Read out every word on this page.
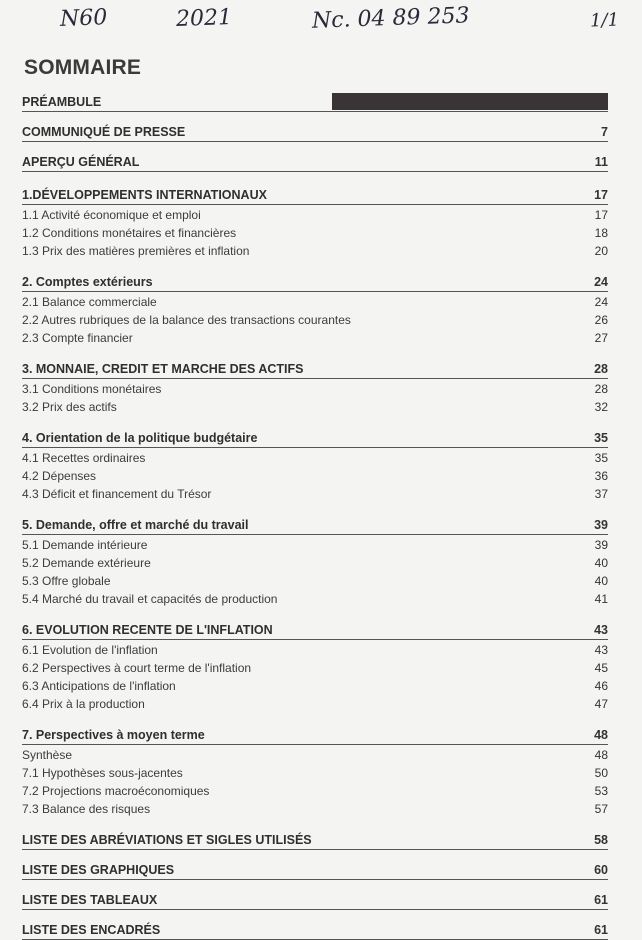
N60	2021	Nc. 04 89 253	1/1
SOMMAIRE
PRÉAMBULE
COMMUNIQUÉ DE PRESSE	7
APERÇU GÉNÉRAL	11
1.DÉVELOPPEMENTS INTERNATIONAUX	17
1.1 Activité économique et emploi	17
1.2 Conditions monétaires et financières	18
1.3 Prix des matières premières et inflation	20
2. Comptes extérieurs	24
2.1 Balance commerciale	24
2.2 Autres rubriques de la balance des transactions courantes	26
2.3 Compte financier	27
3. MONNAIE, CREDIT ET MARCHE DES ACTIFS	28
3.1 Conditions monétaires	28
3.2 Prix des actifs	32
4. Orientation de la politique budgétaire	35
4.1 Recettes ordinaires	35
4.2 Dépenses	36
4.3 Déficit et financement du Trésor	37
5. Demande, offre et marché du travail	39
5.1 Demande intérieure	39
5.2 Demande extérieure	40
5.3 Offre globale	40
5.4 Marché du travail et capacités de production	41
6. EVOLUTION RECENTE DE L'INFLATION	43
6.1 Evolution de l'inflation	43
6.2 Perspectives à court terme de l'inflation	45
6.3 Anticipations de l'inflation	46
6.4 Prix à la production	47
7. Perspectives à moyen terme	48
Synthèse	48
7.1 Hypothèses sous-jacentes	50
7.2 Projections macroéconomiques	53
7.3 Balance des risques	57
LISTE DES ABRÉVIATIONS ET SIGLES UTILISÉS	58
LISTE DES GRAPHIQUES	60
LISTE DES TABLEAUX	61
LISTE DES ENCADRÉS	61
